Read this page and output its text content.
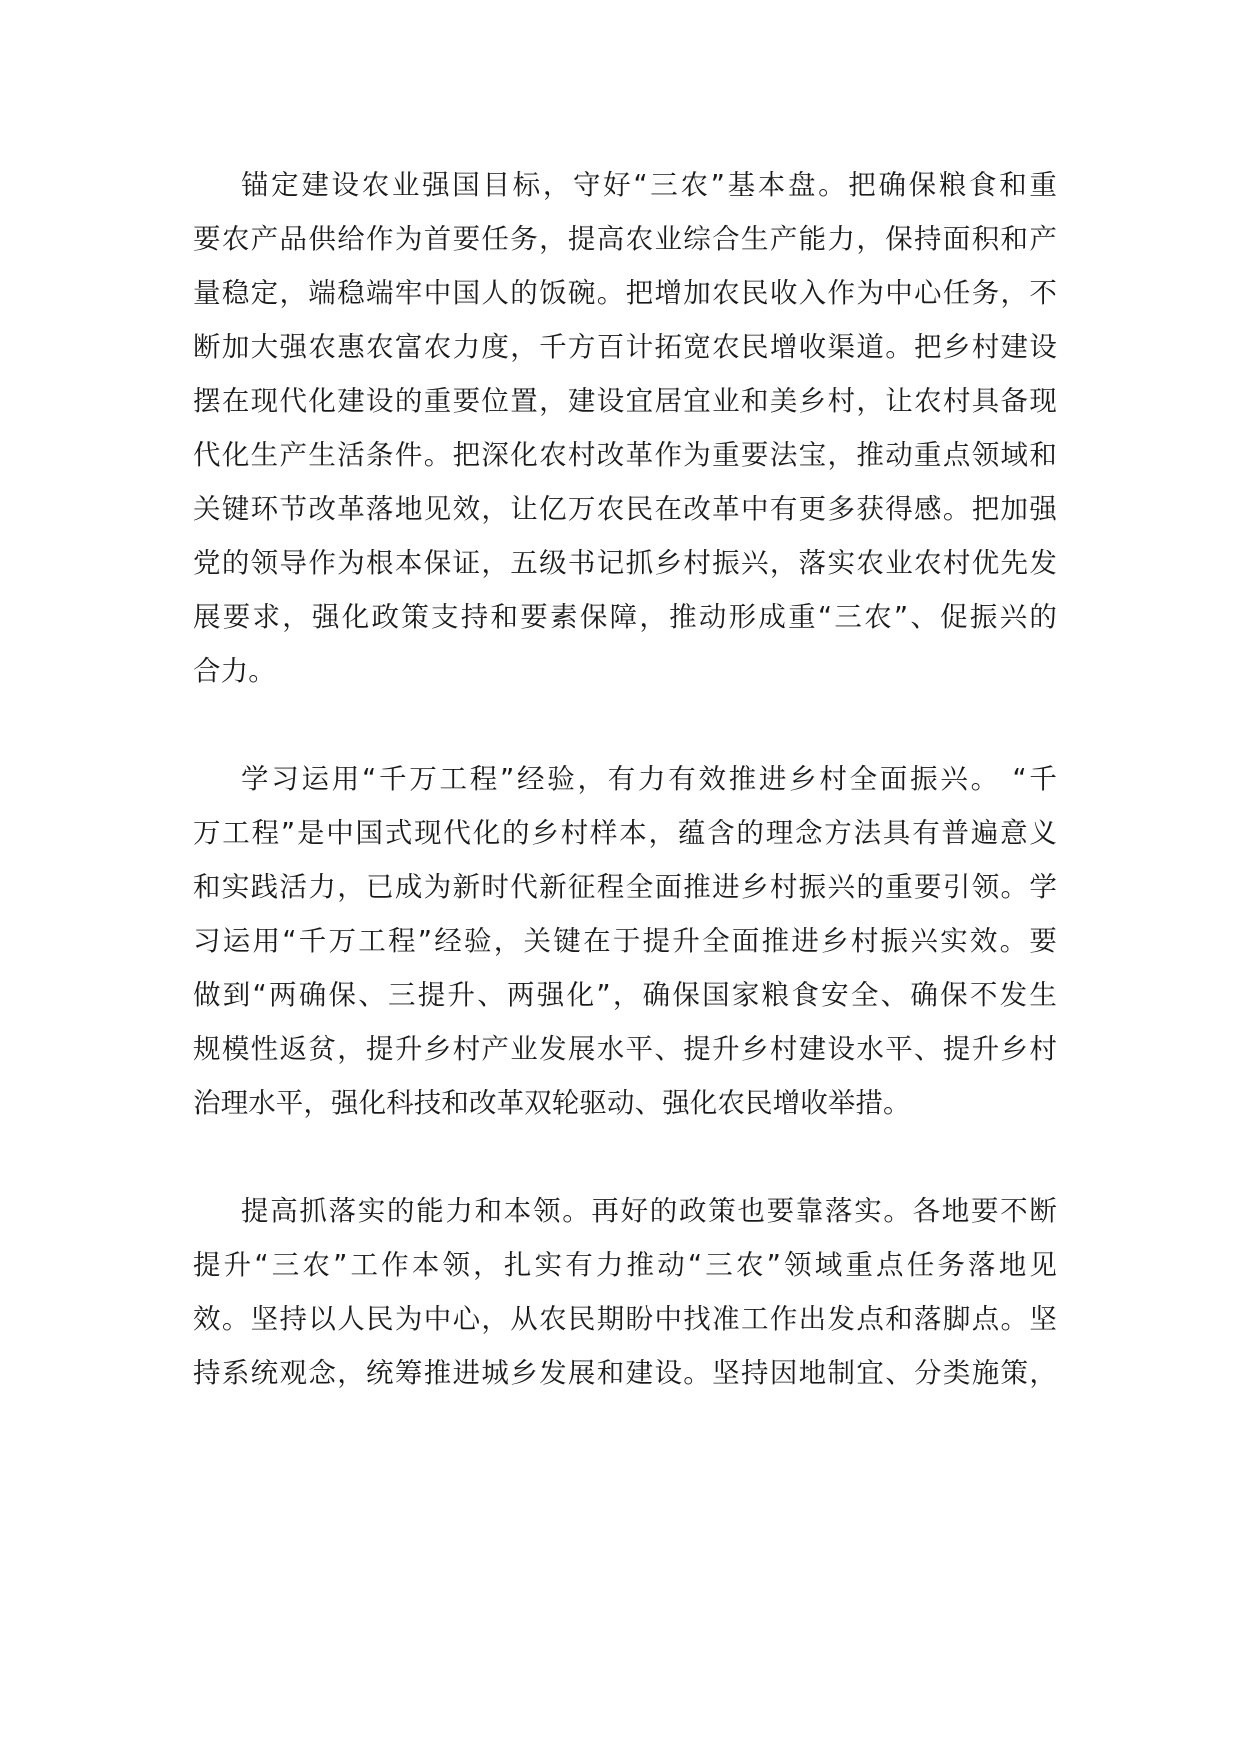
锚定建设农业强国目标，守好“三农”基本盘。把确保粮食和重
要农产品供给作为首要任务，提高农业综合生产能力，保持面积和产
量稳定，端稳端牢中国人的饭碗。把增加农民收入作为中心任务，不
断加大强农惠农富农力度，千方百计拓宽农民增收渠道。把乡村建设
摆在现代化建设的重要位置，建设宜居宜业和美乡村，让农村具备现
代化生产生活条件。把深化农村改革作为重要法宝，推动重点领域和
关键环节改革落地见效，让亿万农民在改革中有更多获得感。把加强
党的领导作为根本保证，五级书记抓乡村振兴，落实农业农村优先发
展要求，强化政策支持和要素保障，推动形成重“三农”、促振兴的
合力。
学习运用“千万工程”经验，有力有效推进乡村全面振兴。 “千
万工程”是中国式现代化的乡村样本，蕴含的理念方法具有普遍意义
和实践活力，已成为新时代新征程全面推进乡村振兴的重要引领。学
习运用“千万工程”经验，关键在于提升全面推进乡村振兴实效。要
做到“两确保、三提升、两强化”，确保国家粮食安全、确保不发生
规模性返贫，提升乡村产业发展水平、提升乡村建设水平、提升乡村
治理水平，强化科技和改革双轮驱动、强化农民增收举措。
提高抓落实的能力和本领。再好的政策也要靠落实。各地要不断
提升“三农”工作本领，扎实有力推动“三农”领域重点任务落地见
效。坚持以人民为中心，从农民期盼中找准工作出发点和落脚点。坚
持系统观念，统筹推进城乡发展和建设。坚持因地制宜、分类施策，
